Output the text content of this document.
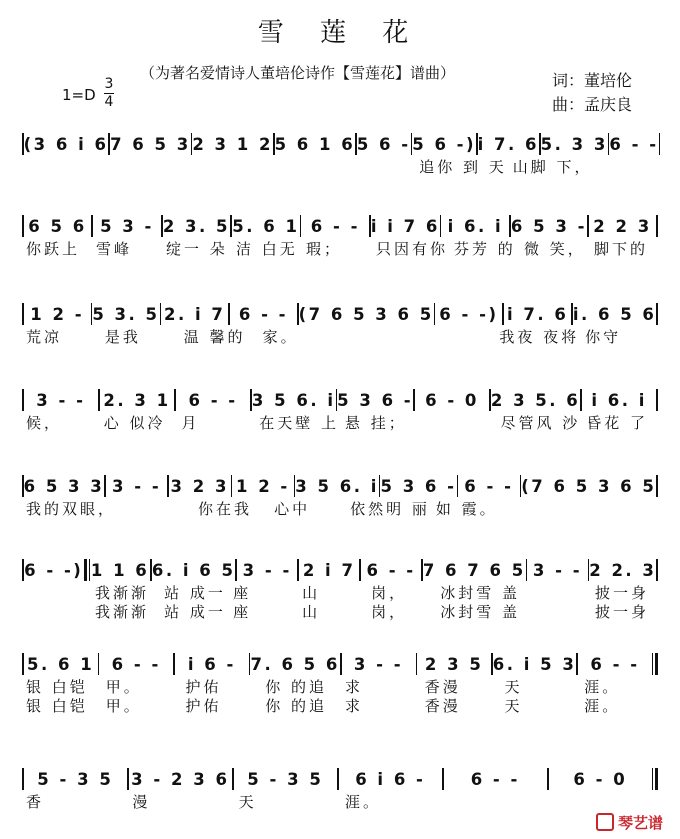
雪 莲 花
（为著名爱情诗人董培伦诗作【雪莲花】谱曲）	词：董培伦
曲：孟庆良
1=D
3
4
(3 6 i 6 7 6 5 3 2 3 1 2 5 6 1 6 5 6 - 5 6 -) i 7. 6 5. 3 3 6 - -
追你 到 天 山脚 下，
6 5 6 5 3 - 2 3. 5 5. 6 1 6 - - i i 7 6 i 6. i 6 5 3 - 2 2 3
你跃上	雪峰	绽一 朵 洁 白无 瑕；	只因有你 芬芳 的 微 笑， 脚下的
1 2 - 5 3. 5 2. i 7 6 - - (7 6 5 3 6 5 6 - -) i 7. 6 i. 6 5 6
荒凉	是我	温 馨的	家。	我夜 夜将 你守
3 - -	2. 3 1	6 - - 3 5 6. i 5 3 6 - 6 - 0 2 3 5. 6 i 6. i
候，	心 似冷	月	在天壁 上 悬 挂；	尽管风 沙 昏花 了
6 5 3 3 3 - - 3 2 3 1 2 - 3 5 6. i 5 3 6 - 6 - - (7 6 5 3 6 5
我的双眼，	你在我	心中	依然明 丽 如 霞。
6 - -) 1 1 6 6. i 6 5 3 - - 2 i 7 6 - - 7 6 7 6 5 3 - - 2 2. 3
我渐渐	站 成一 座	山	岗，	冰封雪 盖	披一身
我渐渐	站 成一 座	山	岗，	冰封雪 盖	披一身
5. 6 1	6 - -	i 6 - 7. 6 5 6 3 - -	2 3 5 6. i 5 3 6 - -
银 白铠	甲。	护佑	你 的追	求	香漫	天	涯。
银 白铠	甲。	护佑	你 的追	求	香漫	天	涯。
5 - 3 5	3 - 2 3 6	5 - 3 5	6 i 6 -	6 - -	6 - 0
香	漫	天	涯。
琴艺谱
